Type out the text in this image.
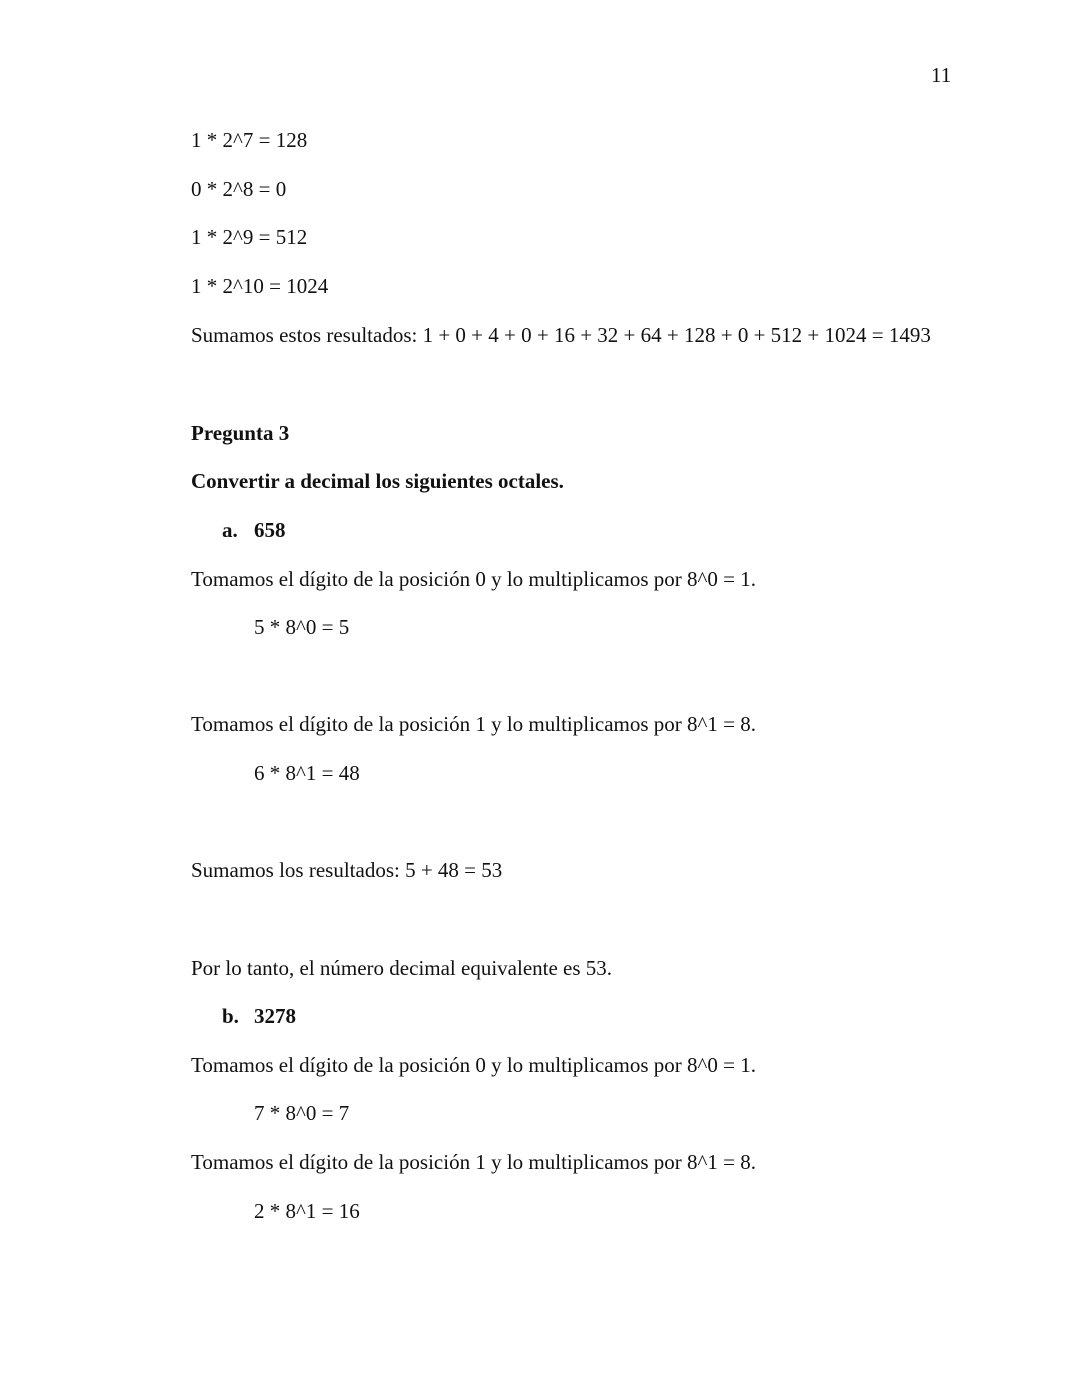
11
1 * 2^7 = 128
0 * 2^8 = 0
1 * 2^9 = 512
1 * 2^10 = 1024
Sumamos estos resultados: 1 + 0 + 4 + 0 + 16 + 32 + 64 + 128 + 0 + 512 + 1024 = 1493
Pregunta 3
Convertir a decimal los siguientes octales.
a. 658
Tomamos el dígito de la posición 0 y lo multiplicamos por 8^0 = 1.
5 * 8^0 = 5
Tomamos el dígito de la posición 1 y lo multiplicamos por 8^1 = 8.
6 * 8^1 = 48
Sumamos los resultados: 5 + 48 = 53
Por lo tanto, el número decimal equivalente es 53.
b. 3278
Tomamos el dígito de la posición 0 y lo multiplicamos por 8^0 = 1.
7 * 8^0 = 7
Tomamos el dígito de la posición 1 y lo multiplicamos por 8^1 = 8.
2 * 8^1 = 16
